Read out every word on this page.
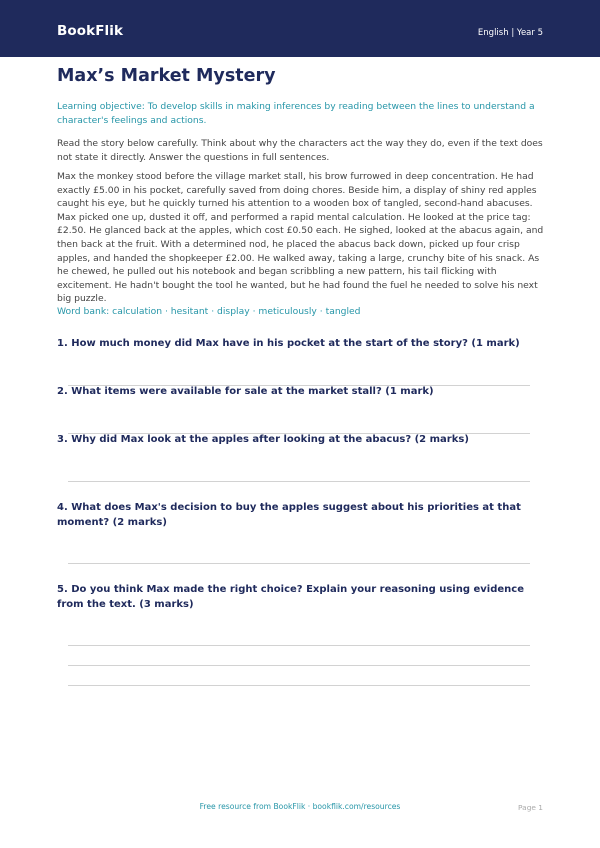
BookFlik	English | Year 5
Max’s Market Mystery
Learning objective: To develop skills in making inferences by reading between the lines to understand a character's feelings and actions.
Read the story below carefully. Think about why the characters act the way they do, even if the text does not state it directly. Answer the questions in full sentences.
Max the monkey stood before the village market stall, his brow furrowed in deep concentration. He had exactly £5.00 in his pocket, carefully saved from doing chores. Beside him, a display of shiny red apples caught his eye, but he quickly turned his attention to a wooden box of tangled, second-hand abacuses. Max picked one up, dusted it off, and performed a rapid mental calculation. He looked at the price tag: £2.50. He glanced back at the apples, which cost £0.50 each. He sighed, looked at the abacus again, and then back at the fruit. With a determined nod, he placed the abacus back down, picked up four crisp apples, and handed the shopkeeper £2.00. He walked away, taking a large, crunchy bite of his snack. As he chewed, he pulled out his notebook and began scribbling a new pattern, his tail flicking with excitement. He hadn't bought the tool he wanted, but he had found the fuel he needed to solve his next big puzzle.
Word bank: calculation · hesitant · display · meticulously · tangled
1. How much money did Max have in his pocket at the start of the story? (1 mark)
2. What items were available for sale at the market stall? (1 mark)
3. Why did Max look at the apples after looking at the abacus? (2 marks)
4. What does Max's decision to buy the apples suggest about his priorities at that moment? (2 marks)
5. Do you think Max made the right choice? Explain your reasoning using evidence from the text. (3 marks)
Free resource from BookFlik · bookflik.com/resources	Page 1
